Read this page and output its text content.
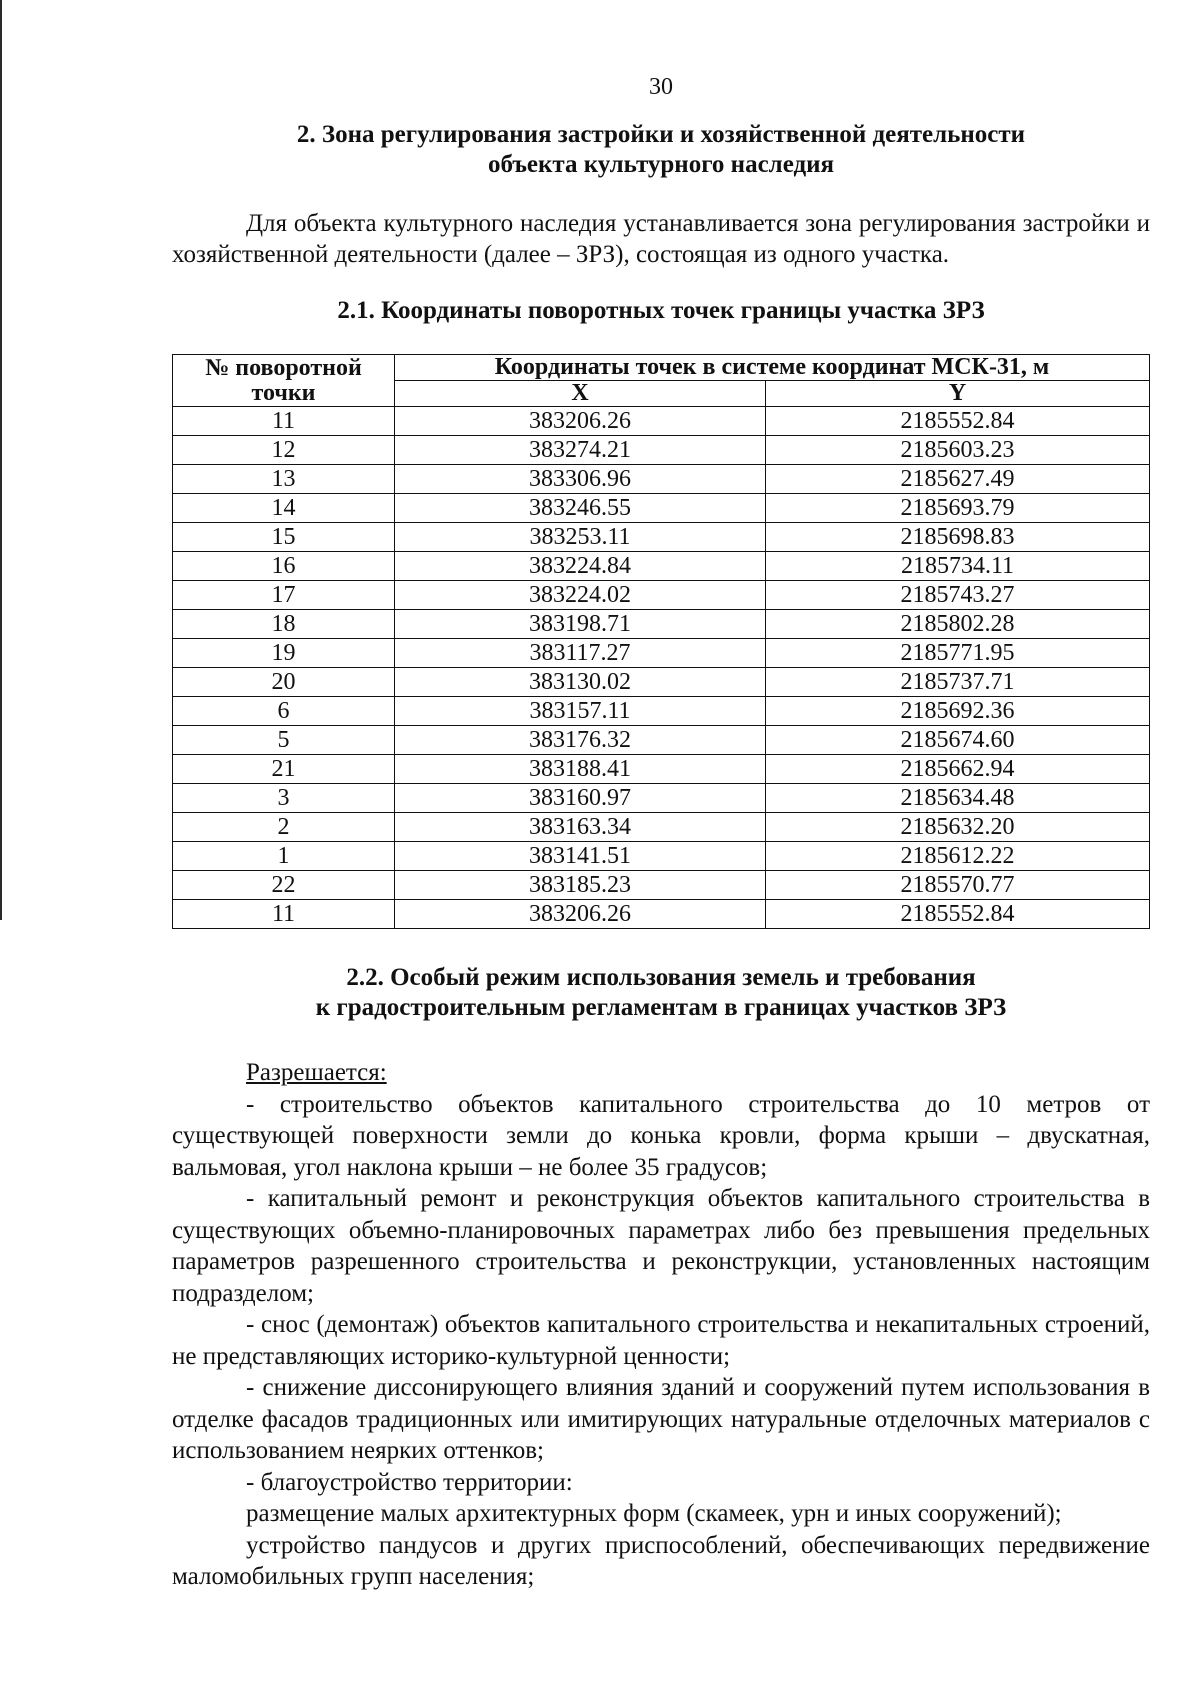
30
2. Зона регулирования застройки и хозяйственной деятельности
объекта культурного наследия
Для объекта культурного наследия устанавливается зона регулирования застройки и хозяйственной деятельности (далее – ЗРЗ), состоящая из одного участка.
2.1. Координаты поворотных точек границы участка ЗРЗ
№ поворотной точки	Координаты точек в системе координат МСК-31, м	
	X	Y
11	383206.26	2185552.84
12	383274.21	2185603.23
13	383306.96	2185627.49
14	383246.55	2185693.79
15	383253.11	2185698.83
16	383224.84	2185734.11
17	383224.02	2185743.27
18	383198.71	2185802.28
19	383117.27	2185771.95
20	383130.02	2185737.71
6	383157.11	2185692.36
5	383176.32	2185674.60
21	383188.41	2185662.94
3	383160.97	2185634.48
2	383163.34	2185632.20
1	383141.51	2185612.22
22	383185.23	2185570.77
11	383206.26	2185552.84
2.2. Особый режим использования земель и требования
к градостроительным регламентам в границах участков ЗРЗ
Разрешается:
- строительство объектов капитального строительства до 10 метров от существующей поверхности земли до конька кровли, форма крыши – двускатная, вальмовая, угол наклона крыши – не более 35 градусов;
- капитальный ремонт и реконструкция объектов капитального строительства в существующих объемно-планировочных параметрах либо без превышения предельных параметров разрешенного строительства и реконструкции, установленных настоящим подразделом;
- снос (демонтаж) объектов капитального строительства и некапитальных строений, не представляющих историко-культурной ценности;
- снижение диссонирующего влияния зданий и сооружений путем использования в отделке фасадов традиционных или имитирующих натуральные отделочных материалов с использованием неярких оттенков;
- благоустройство территории:
размещение малых архитектурных форм (скамеек, урн и иных сооружений);
устройство пандусов и других приспособлений, обеспечивающих передвижение маломобильных групп населения;
